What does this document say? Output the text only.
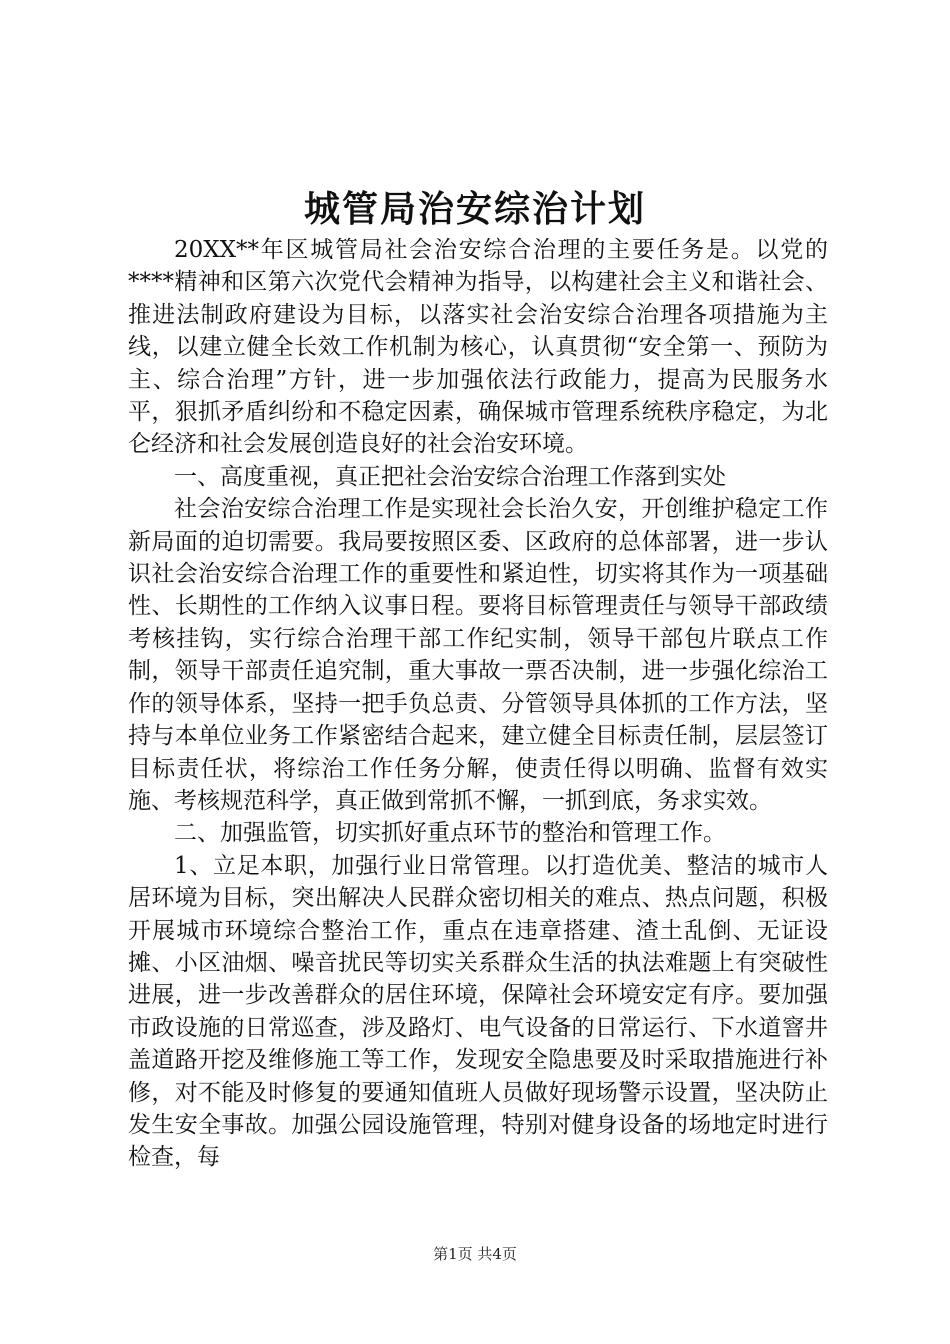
城管局治安综治计划

20XX**年区城管局社会治安综合治理的主要任务是。以党的****精神和区第六次党代会精神为指导，以构建社会主义和谐社会、推进法制政府建设为目标，以落实社会治安综合治理各项措施为主线，以建立健全长效工作机制为核心，认真贯彻“安全第一、预防为主、综合治理”方针，进一步加强依法行政能力，提高为民服务水平，狠抓矛盾纠纷和不稳定因素，确保城市管理系统秩序稳定，为北仑经济和社会发展创造良好的社会治安环境。

一、高度重视，真正把社会治安综合治理工作落到实处

社会治安综合治理工作是实现社会长治久安，开创维护稳定工作新局面的迫切需要。我局要按照区委、区政府的总体部署，进一步认识社会治安综合治理工作的重要性和紧迫性，切实将其作为一项基础性、长期性的工作纳入议事日程。要将目标管理责任与领导干部政绩考核挂钩，实行综合治理干部工作纪实制，领导干部包片联点工作制，领导干部责任追究制，重大事故一票否决制，进一步强化综治工作的领导体系，坚持一把手负总责、分管领导具体抓的工作方法，坚持与本单位业务工作紧密结合起来，建立健全目标责任制，层层签订目标责任状，将综治工作任务分解，使责任得以明确、监督有效实施、考核规范科学，真正做到常抓不懈，一抓到底，务求实效。

二、加强监管，切实抓好重点环节的整治和管理工作。

1、立足本职，加强行业日常管理。以打造优美、整洁的城市人居环境为目标，突出解决人民群众密切相关的难点、热点问题，积极开展城市环境综合整治工作，重点在违章搭建、渣土乱倒、无证设摊、小区油烟、噪音扰民等切实关系群众生活的执法难题上有突破性进展，进一步改善群众的居住环境，保障社会环境安定有序。要加强市政设施的日常巡查，涉及路灯、电气设备的日常运行、下水道窨井盖道路开挖及维修施工等工作，发现安全隐患要及时采取措施进行补修，对不能及时修复的要通知值班人员做好现场警示设置，坚决防止发生安全事故。加强公园设施管理，特别对健身设备的场地定时进行检查，每

第1页 共4页
